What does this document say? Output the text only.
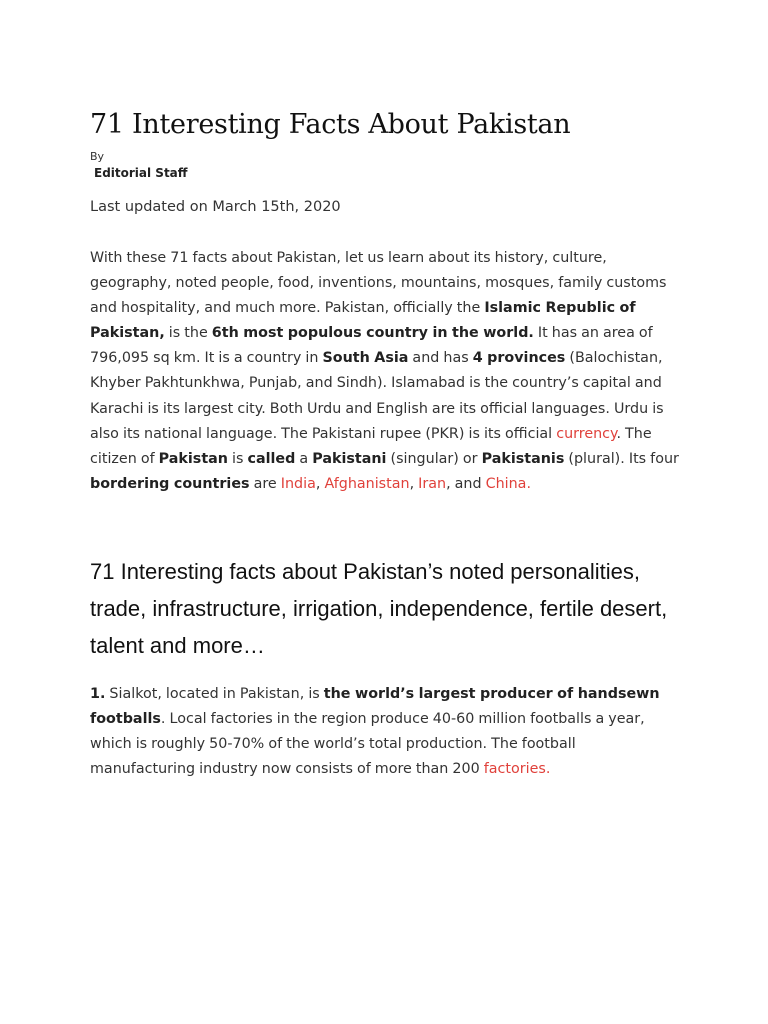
71 Interesting Facts About Pakistan
By
Editorial Staff
Last updated on March 15th, 2020

With these 71 facts about Pakistan, let us learn about its history, culture, geography, noted people, food, inventions, mountains, mosques, family customs and hospitality, and much more. Pakistan, officially the Islamic Republic of Pakistan, is the 6th most populous country in the world. It has an area of 796,095 sq km. It is a country in South Asia and has 4 provinces (Balochistan, Khyber Pakhtunkhwa, Punjab, and Sindh). Islamabad is the country’s capital and Karachi is its largest city. Both Urdu and English are its official languages. Urdu is also its national language. The Pakistani rupee (PKR) is its official currency. The citizen of Pakistan is called a Pakistani (singular) or Pakistanis (plural). Its four bordering countries are India, Afghanistan, Iran, and China.

71 Interesting facts about Pakistan’s noted personalities, trade, infrastructure, irrigation, independence, fertile desert, talent and more…

1. Sialkot, located in Pakistan, is the world’s largest producer of handsewn footballs. Local factories in the region produce 40-60 million footballs a year, which is roughly 50-70% of the world’s total production. The football manufacturing industry now consists of more than 200 factories.
